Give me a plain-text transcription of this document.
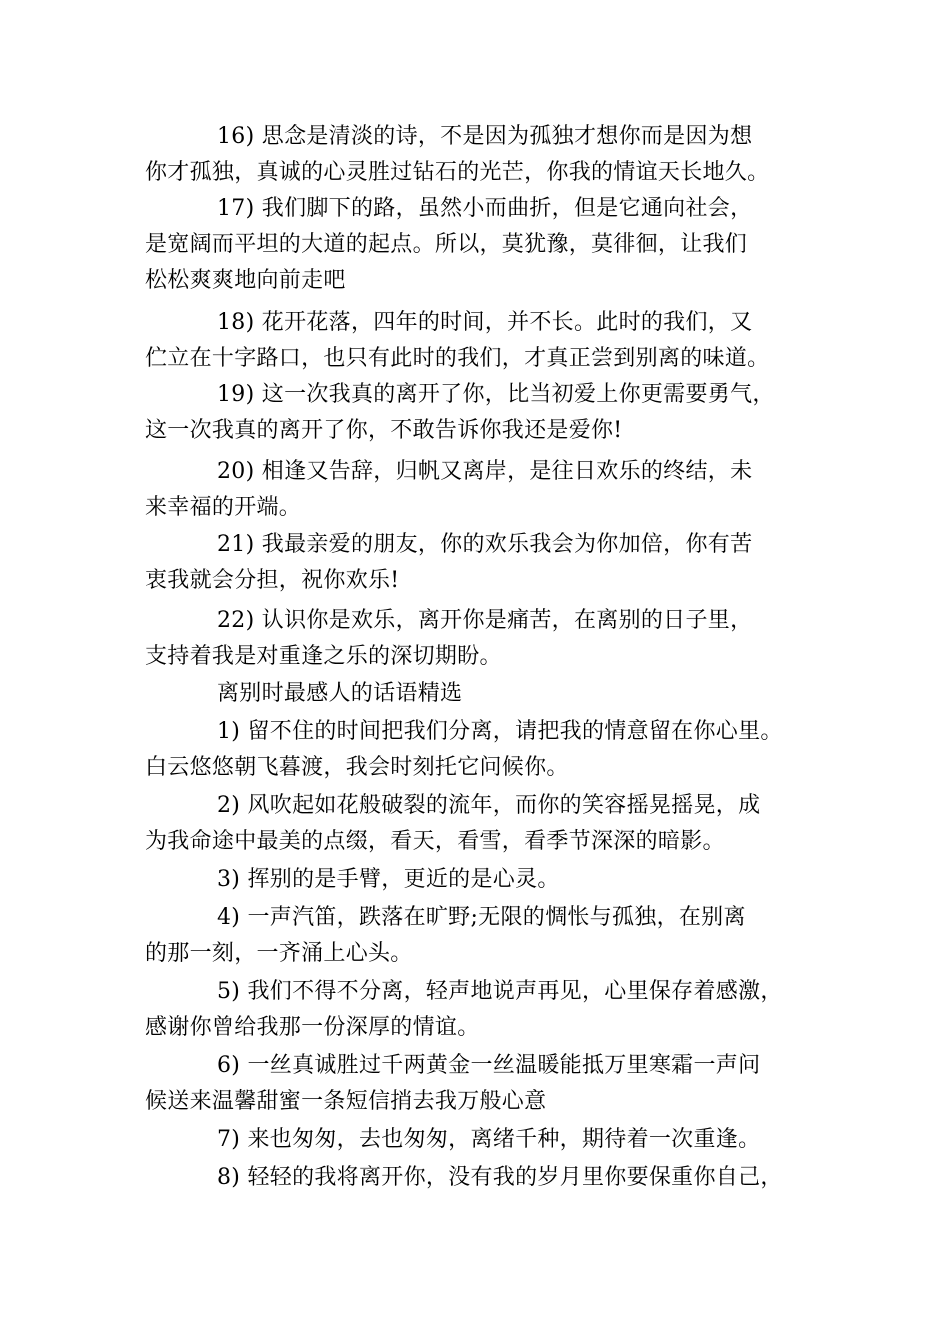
16) 思念是清淡的诗，不是因为孤独才想你而是因为想
你才孤独，真诚的心灵胜过钻石的光芒，你我的情谊天长地久。
17) 我们脚下的路，虽然小而曲折，但是它通向社会，
是宽阔而平坦的大道的起点。所以，莫犹豫，莫徘徊，让我们
松松爽爽地向前走吧
18) 花开花落，四年的时间，并不长。此时的我们，又
伫立在十字路口，也只有此时的我们，才真正尝到别离的味道。
19) 这一次我真的离开了你，比当初爱上你更需要勇气，
这一次我真的离开了你，不敢告诉你我还是爱你!
20) 相逢又告辞，归帆又离岸，是往日欢乐的终结，未
来幸福的开端。
21) 我最亲爱的朋友，你的欢乐我会为你加倍，你有苦
衷我就会分担，祝你欢乐!
22) 认识你是欢乐，离开你是痛苦，在离别的日子里，
支持着我是对重逢之乐的深切期盼。
离别时最感人的话语精选
1) 留不住的时间把我们分离，请把我的情意留在你心里。
白云悠悠朝飞暮渡，我会时刻托它问候你。
2) 风吹起如花般破裂的流年，而你的笑容摇晃摇晃，成
为我命途中最美的点缀，看天，看雪，看季节深深的暗影。
3) 挥别的是手臂，更近的是心灵。
4) 一声汽笛，跌落在旷野;无限的惆怅与孤独，在别离
的那一刻，一齐涌上心头。
5) 我们不得不分离，轻声地说声再见，心里保存着感激，
感谢你曾给我那一份深厚的情谊。
6) 一丝真诚胜过千两黄金一丝温暖能抵万里寒霜一声问
候送来温馨甜蜜一条短信捎去我万般心意
7) 来也匆匆，去也匆匆，离绪千种，期待着一次重逢。
8) 轻轻的我将离开你，没有我的岁月里你要保重你自己，
